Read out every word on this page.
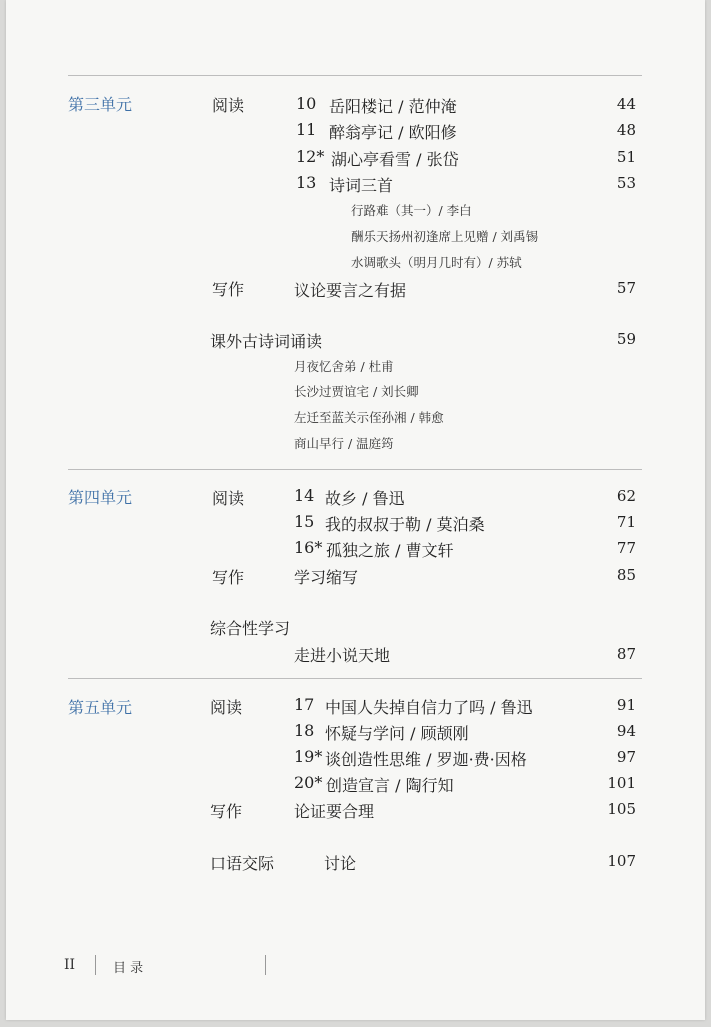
第三单元	阅读	10 岳阳楼记 / 范仲淹	44
11 醉翁亭记 / 欧阳修	48
12* 湖心亭看雪 / 张岱	51
13 诗词三首	53
行路难（其一）/ 李白
酬乐天扬州初逢席上见赠 / 刘禹锡
水调歌头（明月几时有）/ 苏轼
写作	议论要言之有据	57
课外古诗词诵读	59
月夜忆舍弟 / 杜甫
长沙过贾谊宅 / 刘长卿
左迁至蓝关示侄孙湘 / 韩愈
商山早行 / 温庭筠
第四单元	阅读	14 故乡 / 鲁迅	62
15 我的叔叔于勒 / 莫泊桑	71
16* 孤独之旅 / 曹文轩	77
写作	学习缩写	85
综合性学习
走进小说天地	87
第五单元	阅读	17 中国人失掉自信力了吗 / 鲁迅	91
18 怀疑与学问 / 顾颉刚	94
19* 谈创造性思维 / 罗迦·费·因格	97
20* 创造宣言 / 陶行知	101
写作	论证要合理	105
口语交际	讨论	107
II	目 录
